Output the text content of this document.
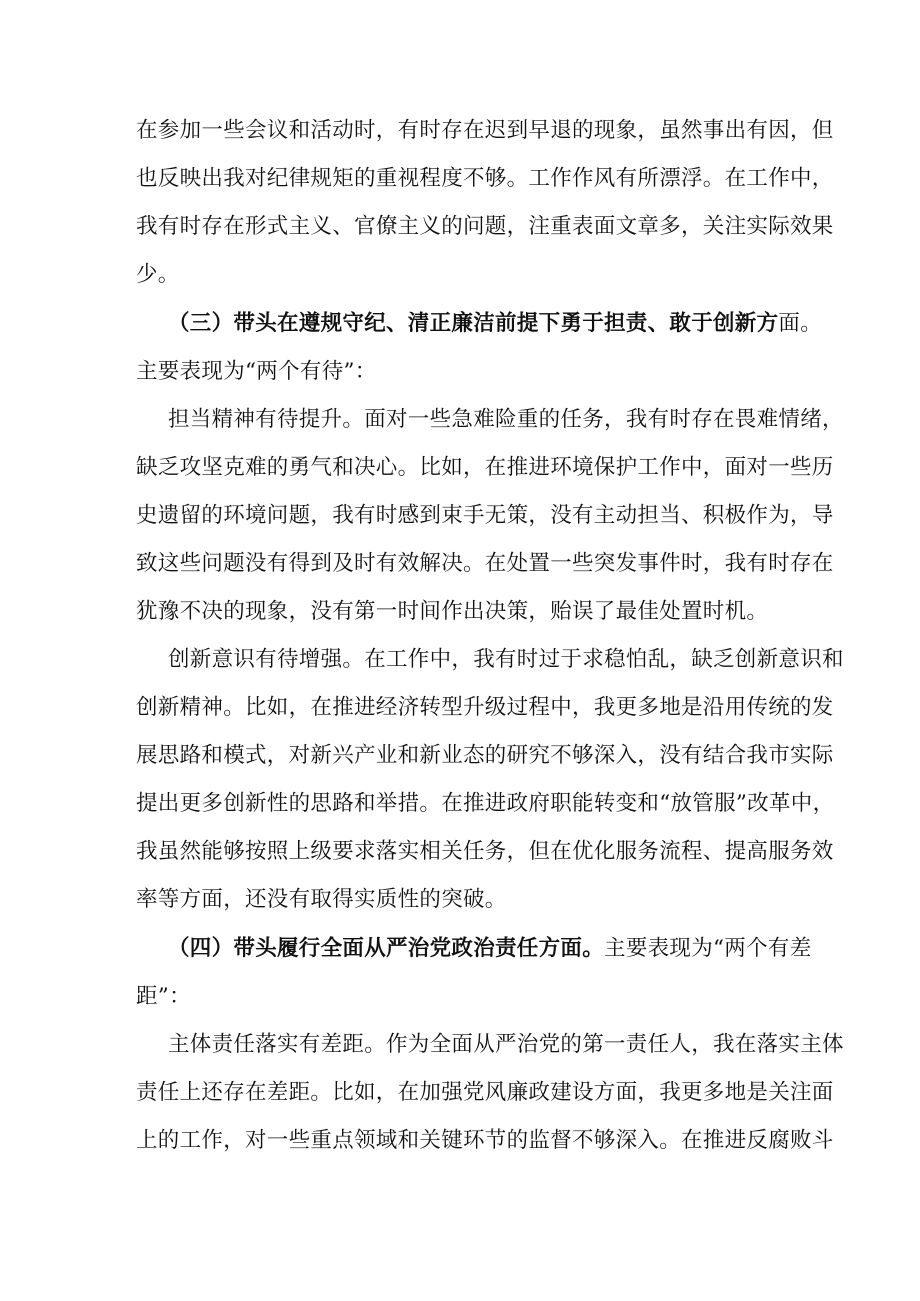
在参加一些会议和活动时，有时存在迟到早退的现象，虽然事出有因，但
也反映出我对纪律规矩的重视程度不够。工作作风有所漂浮。在工作中，
我有时存在形式主义、官僚主义的问题，注重表面文章多，关注实际效果
少。
（三）带头在遵规守纪、清正廉洁前提下勇于担责、敢于创新方面。
主要表现为“两个有待”：
担当精神有待提升。面对一些急难险重的任务，我有时存在畏难情绪，
缺乏攻坚克难的勇气和决心。比如，在推进环境保护工作中，面对一些历
史遗留的环境问题，我有时感到束手无策，没有主动担当、积极作为，导
致这些问题没有得到及时有效解决。在处置一些突发事件时，我有时存在
犹豫不决的现象，没有第一时间作出决策，贻误了最佳处置时机。
创新意识有待增强。在工作中，我有时过于求稳怕乱，缺乏创新意识和
创新精神。比如，在推进经济转型升级过程中，我更多地是沿用传统的发
展思路和模式，对新兴产业和新业态的研究不够深入，没有结合我市实际
提出更多创新性的思路和举措。在推进政府职能转变和“放管服”改革中，
我虽然能够按照上级要求落实相关任务，但在优化服务流程、提高服务效
率等方面，还没有取得实质性的突破。
（四）带头履行全面从严治党政治责任方面。主要表现为“两个有差
距”：
主体责任落实有差距。作为全面从严治党的第一责任人，我在落实主体
责任上还存在差距。比如，在加强党风廉政建设方面，我更多地是关注面
上的工作，对一些重点领域和关键环节的监督不够深入。在推进反腐败斗
